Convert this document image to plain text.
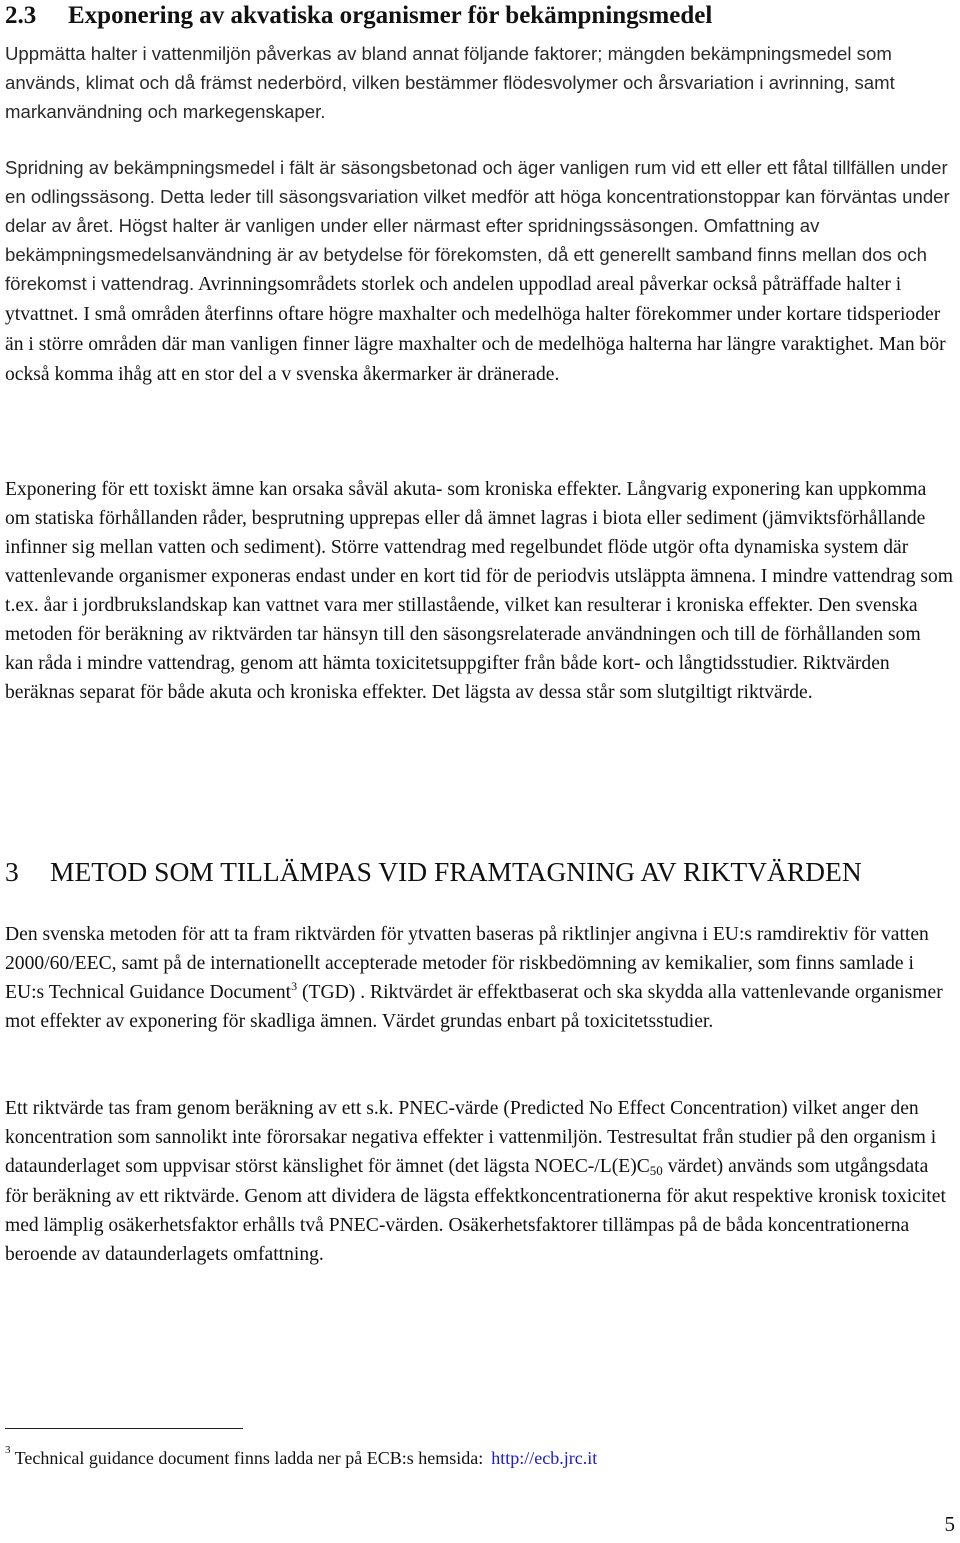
2.3 Exponering av akvatiska organismer för bekämpningsmedel

Uppmätta halter i vattenmiljön påverkas av bland annat följande faktorer; mängden bekämpningsmedel som används, klimat och då främst nederbörd, vilken bestämmer flödesvolymer och årsvariation i avrinning, samt markanvändning och markegenskaper.

Spridning av bekämpningsmedel i fält är säsongsbetonad och äger vanligen rum vid ett eller ett fåtal tillfällen under en odlingssäsong. Detta leder till säsongsvariation vilket medför att höga koncentrationstoppar kan förväntas under delar av året. Högst halter är vanligen under eller närmast efter spridningssäsongen. Omfattning av bekämpningsmedelsanvändning är av betydelse för förekomsten, då ett generellt samband finns mellan dos och förekomst i vattendrag. Avrinningsområdets storlek och andelen uppodlad areal påverkar också påträffade halter i ytvattnet. I små områden återfinns oftare högre maxhalter och medelhöga halter förekommer under kortare tidsperioder än i större områden där man vanligen finner lägre maxhalter och de medelhöga halterna har längre varaktighet. Man bör också komma ihåg att en stor del a v svenska åkermarker är dränerade.

Exponering för ett toxiskt ämne kan orsaka såväl akuta- som kroniska effekter. Långvarig exponering kan uppkomma om statiska förhållanden råder, besprutning upprepas eller då ämnet lagras i biota eller sediment (jämviktsförhållande infinner sig mellan vatten och sediment). Större vattendrag med regelbundet flöde utgör ofta dynamiska system där vattenlevande organismer exponeras endast under en kort tid för de periodvis utsläppta ämnena. I mindre vattendrag som t.ex. åar i jordbrukslandskap kan vattnet vara mer stillastående, vilket kan resulterar i kroniska effekter. Den svenska metoden för beräkning av riktvärden tar hänsyn till den säsongsrelaterade användningen och till de förhållanden som kan råda i mindre vattendrag, genom att hämta toxicitetsuppgifter från både kort- och långtidsstudier. Riktvärden beräknas separat för både akuta och kroniska effekter. Det lägsta av dessa står som slutgiltigt riktvärde.

3 METOD SOM TILLÄMPAS VID FRAMTAGNING AV RIKTVÄRDEN

Den svenska metoden för att ta fram riktvärden för ytvatten baseras på riktlinjer angivna i EU:s ramdirektiv för vatten 2000/60/EEC, samt på de internationellt accepterade metoder för riskbedömning av kemikalier, som finns samlade i EU:s Technical Guidance Document$^3$ (TGD) . Riktvärdet är effektbaserat och ska skydda alla vattenlevande organismer mot effekter av exponering för skadliga ämnen. Värdet grundas enbart på toxicitetsstudier.

Ett riktvärde tas fram genom beräkning av ett s.k. PNEC-värde (Predicted No Effect Concentration) vilket anger den koncentration som sannolikt inte förorsakar negativa effekter i vattenmiljön. Testresultat från studier på den organism i dataunderlaget som uppvisar störst känslighet för ämnet (det lägsta NOEC-$/L(E)C_{50}$ värdet) används som utgångsdata för beräkning av ett riktvärde. Genom att dividera de lägsta effektkoncentrationerna för akut respektive kronisk toxicitet med lämplig osäkerhetsfaktor erhålls två PNEC-värden. Osäkerhetsfaktorer tillämpas på de båda koncentrationerna beroende av dataunderlagets omfattning.

$^3$ Technical guidance document finns ladda ner på ECB:s hemsida: http://ecb.jrc.it
5
